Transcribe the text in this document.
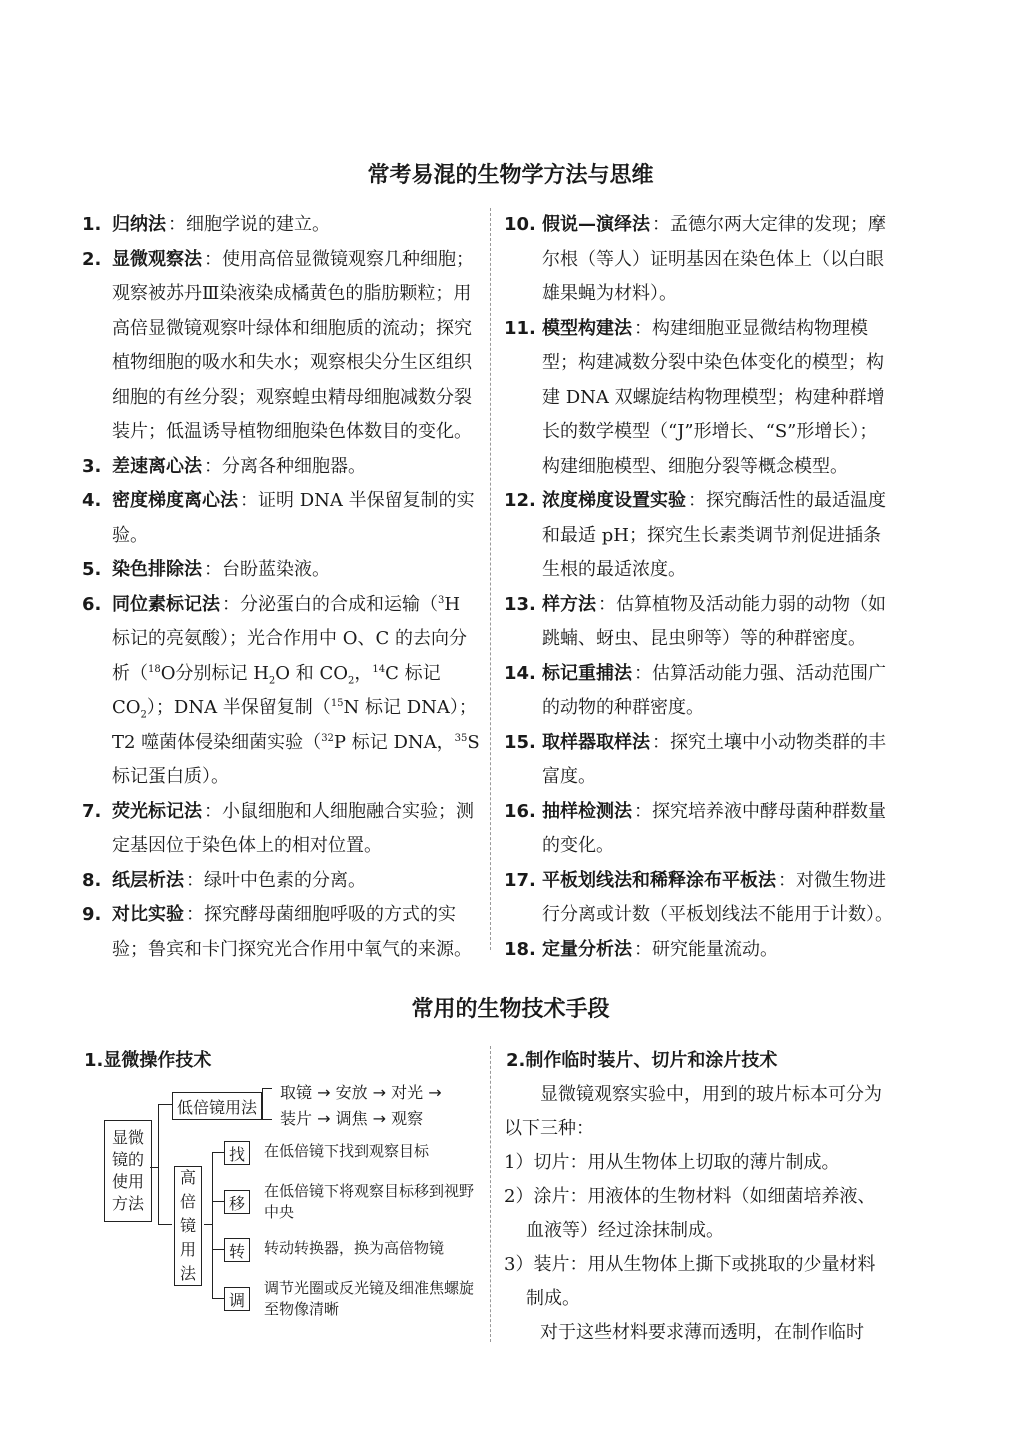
常考易混的生物学方法与思维
1. 归纳法 ：细胞学说的建立。
2. 显微观察法 ：使用高倍显微镜观察几种细胞；观察被苏丹Ⅲ染液染成橘黄色的脂肪颗粒；用高倍显微镜观察叶绿体和细胞质的流动；探究植物细胞的吸水和失水；观察根尖分生区组织细胞的有丝分裂；观察蝗虫精母细胞减数分裂装片；低温诱导植物细胞染色体数目的变化。
3. 差速离心法 ：分离各种细胞器。
4. 密度梯度离心法 ：证明 DNA 半保留复制的实验。
5. 染色排除法 ：台盼蓝染液。
6. 同位素标记法 ：分泌蛋白的合成和运输（$^3$H 标记的亮氨酸）；光合作用中 O、C 的去向分析（$^{18}$O分别标记 $H_2O$ 和 $CO_2$，$^{14}$C 标记 $CO_2$）；DNA 半保留复制（$^{15}$N 标记 DNA）；T2 噬菌体侵染细菌实验（$^{32}$P 标记 DNA，$^{35}$S 标记蛋白质）。
7. 荧光标记法 ：小鼠细胞和人细胞融合实验；测定基因位于染色体上的相对位置。
8. 纸层析法 ：绿叶中色素的分离。
9. 对比实验 ：探究酵母菌细胞呼吸的方式的实验；鲁宾和卡门探究光合作用中氧气的来源。
10. 假说—演绎法 ：孟德尔两大定律的发现；摩尔根（等人）证明基因在染色体上（以白眼雄果蝇为材料）。
11. 模型构建法 ：构建细胞亚显微结构物理模型；构建减数分裂中染色体变化的模型；构建 DNA 双螺旋结构物理模型；构建种群增长的数学模型（“J”形增长、“S”形增长）；构建细胞模型、细胞分裂等概念模型。
12. 浓度梯度设置实验 ：探究酶活性的最适温度和最适 pH；探究生长素类调节剂促进插条生根的最适浓度。
13. 样方法 ：估算植物及活动能力弱的动物（如跳蝻、蚜虫、昆虫卵等）等的种群密度。
14. 标记重捕法 ：估算活动能力强、活动范围广的动物的种群密度。
15. 取样器取样法 ：探究土壤中小动物类群的丰富度。
16. 抽样检测法 ：探究培养液中酵母菌种群数量的变化。
17. 平板划线法和稀释涂布平板法 ：对微生物进行分离或计数（平板划线法不能用于计数）。
18. 定量分析法 ：研究能量流动。
常用的生物技术手段
1.显微操作技术
显微镜的使用方法
低倍镜用法
取镜 → 安放 → 对光 → 装片 → 调焦 → 观察
高倍镜用法
找 在低倍镜下找到观察目标
移
在低倍镜下将观察目标移到视野中央
转 转动转换器，换为高倍物镜
调
调节光圈或反光镜及细准焦螺旋至物像清晰
2.制作临时装片、切片和涂片技术

显微镜观察实验中，用到的玻片标本可分为以下三种：

1）切片：用从生物体上切取的薄片制成。

2）涂片：用液体的生物材料（如细菌培养液、血液等）经过涂抹制成。

3）装片：用从生物体上撕下或挑取的少量材料制成。

对于这些材料要求薄而透明，在制作临时
